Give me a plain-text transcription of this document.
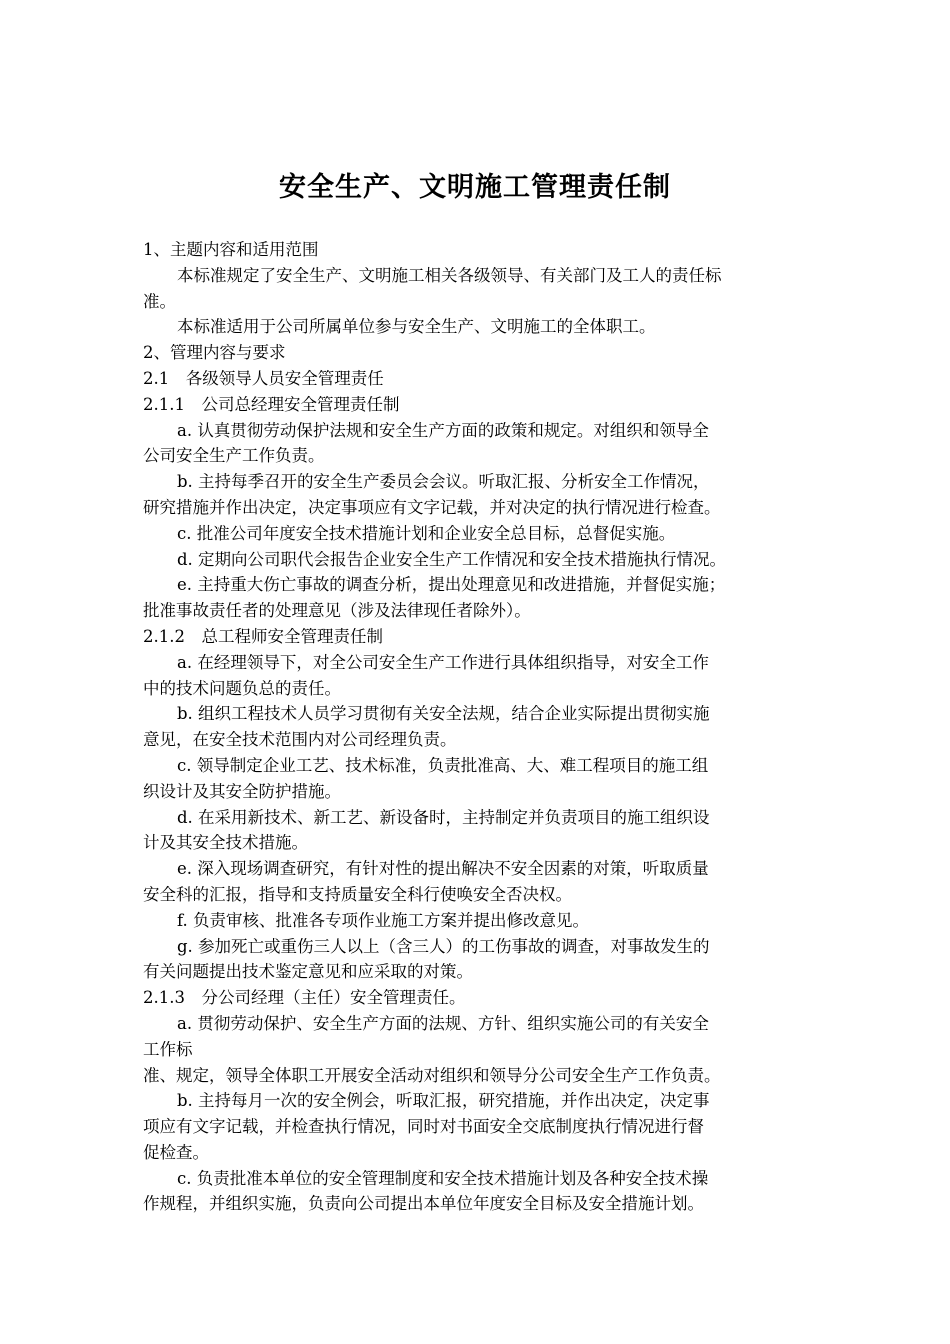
安全生产、文明施工管理责任制

1、主题内容和适用范围

本标准规定了安全生产、文明施工相关各级领导、有关部门及工人的责任标

准。

本标准适用于公司所属单位参与安全生产、文明施工的全体职工。

2、管理内容与要求

2.1　各级领导人员安全管理责任

2.1.1　公司总经理安全管理责任制

a. 认真贯彻劳动保护法规和安全生产方面的政策和规定。对组织和领导全

公司安全生产工作负责。

b. 主持每季召开的安全生产委员会会议。听取汇报、分析安全工作情况，

研究措施并作出决定，决定事项应有文字记载，并对决定的执行情况进行检查。

c. 批准公司年度安全技术措施计划和企业安全总目标，总督促实施。

d. 定期向公司职代会报告企业安全生产工作情况和安全技术措施执行情况。

e. 主持重大伤亡事故的调查分析，提出处理意见和改进措施，并督促实施；

批准事故责任者的处理意见（涉及法律现任者除外）。

2.1.2　总工程师安全管理责任制

a. 在经理领导下，对全公司安全生产工作进行具体组织指导，对安全工作

中的技术问题负总的责任。

b. 组织工程技术人员学习贯彻有关安全法规，结合企业实际提出贯彻实施

意见，在安全技术范围内对公司经理负责。

c. 领导制定企业工艺、技术标准，负责批准高、大、难工程项目的施工组

织设计及其安全防护措施。

d. 在采用新技术、新工艺、新设备时，主持制定并负责项目的施工组织设

计及其安全技术措施。

e. 深入现场调查研究，有针对性的提出解决不安全因素的对策，听取质量

安全科的汇报，指导和支持质量安全科行使唤安全否决权。

f. 负责审核、批准各专项作业施工方案并提出修改意见。

g. 参加死亡或重伤三人以上（含三人）的工伤事故的调查，对事故发生的

有关问题提出技术鉴定意见和应采取的对策。

2.1.3　分公司经理（主任）安全管理责任。

a. 贯彻劳动保护、安全生产方面的法规、方针、组织实施公司的有关安全

工作标

准、规定，领导全体职工开展安全活动对组织和领导分公司安全生产工作负责。

b. 主持每月一次的安全例会，听取汇报，研究措施，并作出决定，决定事

项应有文字记载，并检查执行情况，同时对书面安全交底制度执行情况进行督

促检查。

c. 负责批准本单位的安全管理制度和安全技术措施计划及各种安全技术操

作规程，并组织实施，负责向公司提出本单位年度安全目标及安全措施计划。
